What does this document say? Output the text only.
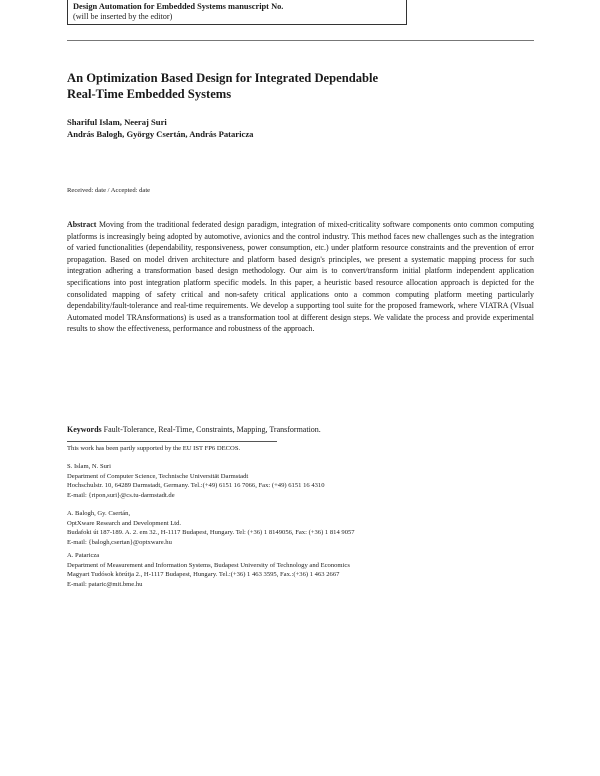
Design Automation for Embedded Systems manuscript No.
(will be inserted by the editor)
An Optimization Based Design for Integrated Dependable
Real-Time Embedded Systems
Shariful Islam, Neeraj Suri
András Balogh, György Csertán, András Pataricza
Received: date / Accepted: date
Abstract Moving from the traditional federated design paradigm, integration of mixed-criticality software components onto common computing platforms is increasingly being adopted by automotive, avionics and the control industry. This method faces new challenges such as the integration of varied functionalities (dependability, responsiveness, power consumption, etc.) under platform resource constraints and the prevention of error propagation. Based on model driven architecture and platform based design's principles, we present a systematic mapping process for such integration adhering a transformation based design methodology. Our aim is to convert/transform initial platform independent application specifications into post integration platform specific models. In this paper, a heuristic based resource allocation approach is depicted for the consolidated mapping of safety critical and non-safety critical applications onto a common computing platform meeting particularly dependability/fault-tolerance and real-time requirements. We develop a supporting tool suite for the proposed framework, where VIATRA (VIsual Automated model TRAnsformations) is used as a transformation tool at different design steps. We validate the process and provide experimental results to show the effectiveness, performance and robustness of the approach.
Keywords Fault-Tolerance, Real-Time, Constraints, Mapping, Transformation.
This work has been partly supported by the EU IST FP6 DECOS.
S. Islam, N. Suri
Department of Computer Science, Technische Universität Darmstadt
Hochschulstr. 10, 64289 Darmstadt, Germany. Tel.:(+49) 6151 16 7066, Fax: (+49) 6151 16 4310
E-mail: {ripon,suri}@cs.tu-darmstadt.de
A. Balogh, Gy. Csertán,
OptXware Research and Development Ltd.
Budafoki út 187-189. A. 2. em 32., H-1117 Budapest, Hungary. Tel: (+36) 1 8149056, Fax: (+36) 1 814 9057
E-mail: {balogh,csertan}@optxware.hu
A. Pataricza
Department of Measurement and Information Systems, Budapest University of Technology and Economics
Magyart Tudósok körútja 2., H-1117 Budapest, Hungary. Tel.:(+36) 1 463 3595, Fax.:(+36) 1 463 2667
E-mail: pataric@mit.bme.hu
